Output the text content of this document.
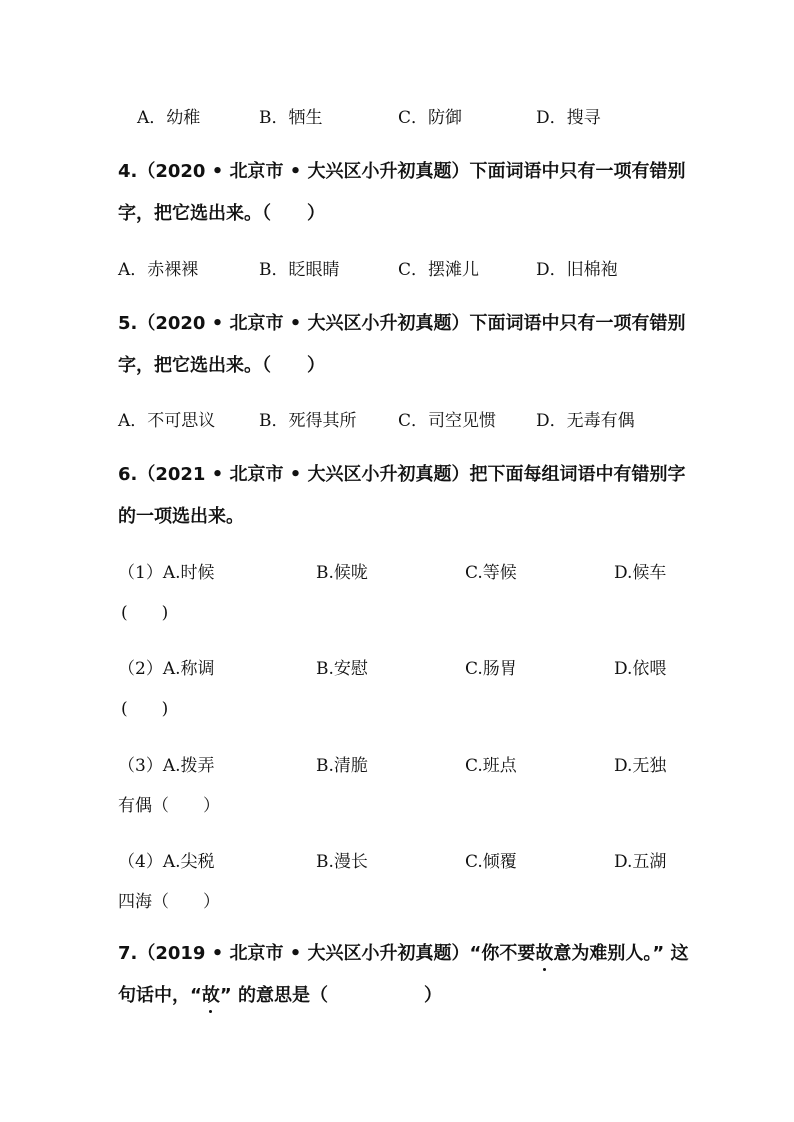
A．幼稚	B．牺生	C．防御	D．搜寻
4.（2020 • 北京市 • 大兴区小升初真题）下面词语中只有一项有错别
字，把它选出来。（　　）
A．赤裸裸	B．眨眼睛	C．摆滩儿	D．旧棉袍
5.（2020 • 北京市 • 大兴区小升初真题）下面词语中只有一项有错别
字，把它选出来。（　　）
A．不可思议	B．死得其所 C．司空见惯 D．无毒有偶
6.（2021 • 北京市 • 大兴区小升初真题）把下面每组词语中有错别字
的一项选出来。
（1）A.时候	B.候咙	C.等候	D.候车
(　　)
（2）A.称调	B.安慰	C.肠胃	D.依喂
(　　)
（3）A.拨弄	B.清脆	C.班点	D.无独
有偶（　　）
（4）A.尖税	B.漫长	C.倾覆	D.五湖
四海（　　）
7.（2019 • 北京市 • 大兴区小升初真题）“你不要故意为难别人。” 这
句话中，“故” 的意思是（	）
